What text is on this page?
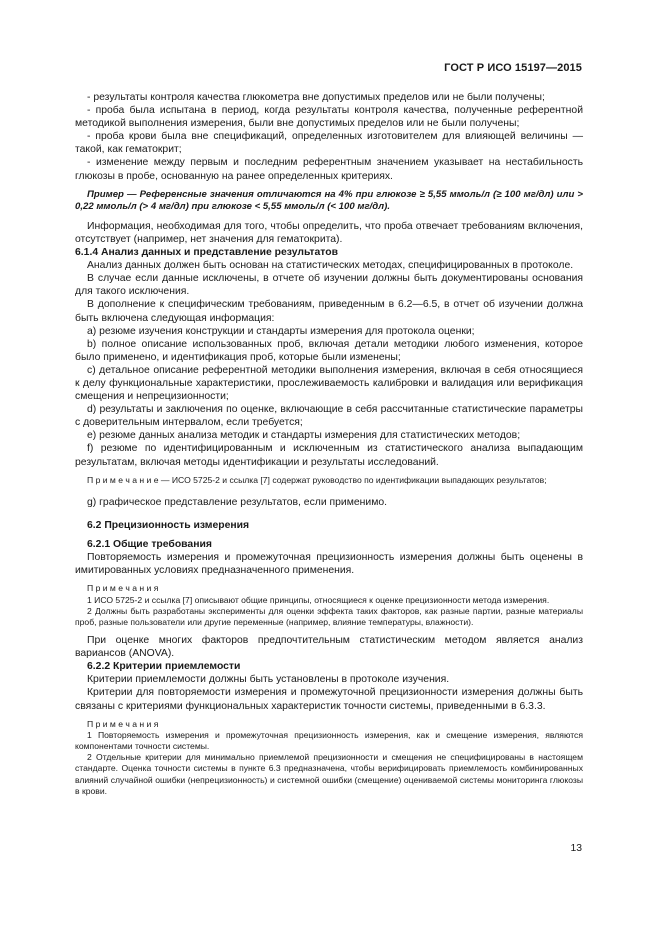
ГОСТ Р ИСО 15197—2015

- результаты контроля качества глюкометра вне допустимых пределов или не были получены;

- проба была испытана в период, когда результаты контроля качества, полученные референтной методикой выполнения измерения, были вне допустимых пределов или не были получены;

- проба крови была вне спецификаций, определенных изготовителем для влияющей величины — такой, как гематокрит;

- изменение между первым и последним референтным значением указывает на нестабильность глюкозы в пробе, основанную на ранее определенных критериях.

Пример — Референсные значения отличаются на 4% при глюкозе ≥ 5,55 ммоль/л (≥ 100 мг/дл) или > 0,22 ммоль/л (> 4 мг/дл) при глюкозе < 5,55 ммоль/л (< 100 мг/дл).

Информация, необходимая для того, чтобы определить, что проба отвечает требованиям включения, отсутствует (например, нет значения для гематокрита).

6.1.4 Анализ данных и представление результатов

Анализ данных должен быть основан на статистических методах, специфицированных в протоколе.

В случае если данные исключены, в отчете об изучении должны быть документированы основания для такого исключения.

В дополнение к специфическим требованиям, приведенным в 6.2—6.5, в отчет об изучении должна быть включена следующая информация:

a) резюме изучения конструкции и стандарты измерения для протокола оценки;

b) полное описание использованных проб, включая детали методики любого изменения, которое было применено, и идентификация проб, которые были изменены;

c) детальное описание референтной методики выполнения измерения, включая в себя относящиеся к делу функциональные характеристики, прослеживаемость калибровки и валидация или верификация смещения и непрецизионности;

d) результаты и заключения по оценке, включающие в себя рассчитанные статистические параметры с доверительным интервалом, если требуется;

e) резюме данных анализа методик и стандарты измерения для статистических методов;

f) резюме по идентифицированным и исключенным из статистического анализа выпадающим результатам, включая методы идентификации и результаты исследований.

П р и м е ч а н и е — ИСО 5725-2 и ссылка [7] содержат руководство по идентификации выпадающих результатов;

g) графическое представление результатов, если применимо.

6.2 Прецизионность измерения

6.2.1 Общие требования

Повторяемость измерения и промежуточная прецизионность измерения должны быть оценены в имитированных условиях предназначенного применения.

П р и м е ч а н и я

1 ИСО 5725-2 и ссылка [7] описывают общие принципы, относящиеся к оценке прецизионности метода измерения.

2 Должны быть разработаны эксперименты для оценки эффекта таких факторов, как разные партии, разные материалы проб, разные пользователи или другие переменные (например, влияние температуры, влажности).

При оценке многих факторов предпочтительным статистическим методом является анализ вариансов (ANOVA).

6.2.2 Критерии приемлемости

Критерии приемлемости должны быть установлены в протоколе изучения.

Критерии для повторяемости измерения и промежуточной прецизионности измерения должны быть связаны с критериями функциональных характеристик точности системы, приведенными в 6.3.3.

П р и м е ч а н и я

1 Повторяемость измерения и промежуточная прецизионность измерения, как и смещение измерения, являются компонентами точности системы.

2 Отдельные критерии для минимально приемлемой прецизионности и смещения не специфицированы в настоящем стандарте. Оценка точности системы в пункте 6.3 предназначена, чтобы верифицировать приемлемость комбинированных влияний случайной ошибки (непрецизионность) и системной ошибки (смещение) оцениваемой системы мониторинга глюкозы в крови.

13
